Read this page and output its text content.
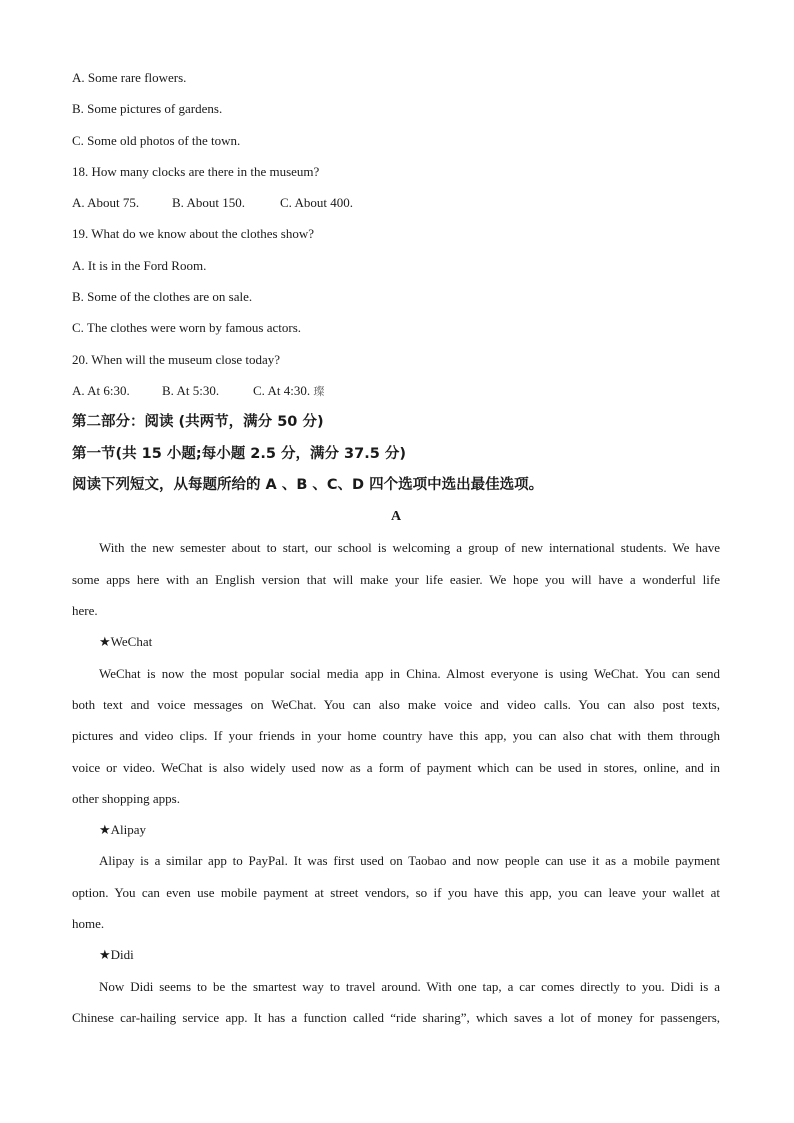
A. Some rare flowers.

B. Some pictures of gardens.

C. Some old photos of the town.

18. How many clocks are there in the museum?

A. About 75.	B. About 150.	C. About 400.

19. What do we know about the clothes show?

A. It is in the Ford Room.

B. Some of the clothes are on sale.

C. The clothes were worn by famous actors.

20. When will the museum close today?

A. At 6:30. B. At 5:30.	C. At 4:30. 璨

第二部分：阅读 (共两节，满分 50 分)

第一节(共 15 小题;每小题 2.5 分，满分 37.5 分)

阅读下列短文，从每题所给的 A 、B 、C、D 四个选项中选出最佳选项。

A

With the new semester about to start, our school is welcoming a group of new international students. We have
some apps here with an English version that will make your life easier. We hope you will have a wonderful life
here.

★WeChat

WeChat is now the most popular social media app in China. Almost everyone is using WeChat. You can send
both text and voice messages on WeChat. You can also make voice and video calls. You can also post texts,
pictures and video clips. If your friends in your home country have this app, you can also chat with them through
voice or video. WeChat is also widely used now as a form of payment which can be used in stores, online, and in
other shopping apps.

★Alipay

Alipay is a similar app to PayPal. It was first used on Taobao and now people can use it as a mobile payment
option. You can even use mobile payment at street vendors, so if you have this app, you can leave your wallet at
home.

★Didi

Now Didi seems to be the smartest way to travel around. With one tap, a car comes directly to you. Didi is a
Chinese car-hailing service app. It has a function called “ride sharing”, which saves a lot of money for passengers,
